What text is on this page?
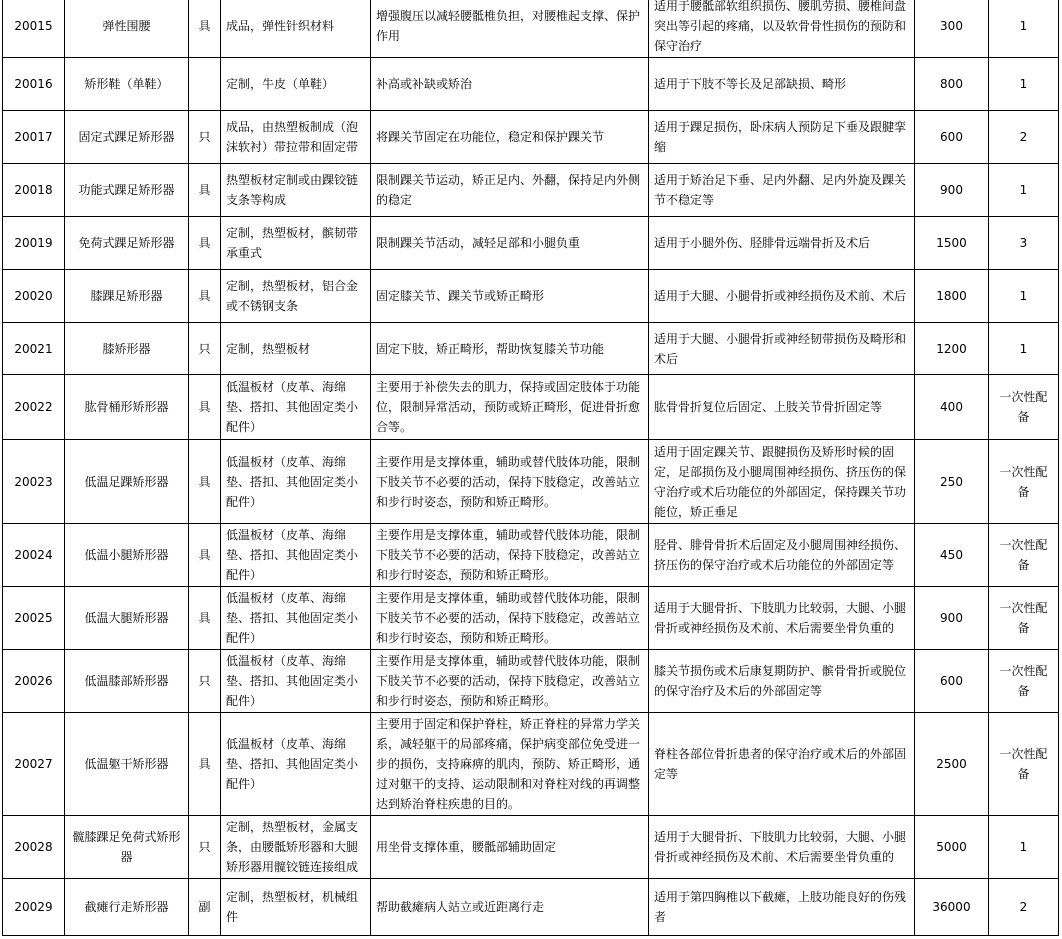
20015	弹性围腰	具	成品，弹性针织材料	增强腹压以减轻腰骶椎负担，对腰椎起支撑、保护作用	适用于腰骶部软组织损伤、腰肌劳损、腰椎间盘突出等引起的疼痛，以及软骨骨性损伤的预防和保守治疗	300	1
20016	矫形鞋（单鞋）		定制，牛皮（单鞋）	补高或补缺或矫治	适用于下肢不等长及足部缺损、畸形	800	1
20017	固定式踝足矫形器	只	成品，由热塑板制成（泡沫软衬）带拉带和固定带	将踝关节固定在功能位，稳定和保护踝关节	适用于踝足损伤，卧床病人预防足下垂及跟腱挛缩	600	2
20018	功能式踝足矫形器	具	热塑板材定制或由踝铰链支条等构成	限制踝关节运动，矫正足内、外翻，保持足内外侧的稳定	适用于矫治足下垂、足内外翻、足内外旋及踝关节不稳定等	900	1
20019	免荷式踝足矫形器	具	定制，热塑板材，髌韧带承重式	限制踝关节活动，减轻足部和小腿负重	适用于小腿外伤、胫腓骨远端骨折及术后	1500	3
20020	膝踝足矫形器	具	定制，热塑板材，铝合金或不锈钢支条	固定膝关节、踝关节或矫正畸形	适用于大腿、小腿骨折或神经损伤及术前、术后	1800	1
20021	膝矫形器	只	定制，热塑板材	固定下肢，矫正畸形，帮助恢复膝关节功能	适用于大腿、小腿骨折或神经韧带损伤及畸形和术后	1200	1
20022	肱骨桶形矫形器	具	低温板材（皮革、海绵垫、搭扣、其他固定类小配件）	主要用于补偿失去的肌力，保持或固定肢体于功能位，限制异常活动，预防或矫正畸形，促进骨折愈合等。	肱骨骨折复位后固定、上肢关节骨折固定等	400	一次性配备
20023	低温足踝矫形器	具	低温板材（皮革、海绵垫、搭扣、其他固定类小配件）	主要作用是支撑体重，辅助或替代肢体功能，限制下肢关节不必要的活动，保持下肢稳定，改善站立和步行时姿态，预防和矫正畸形。	适用于固定踝关节、跟腱损伤及矫形时候的固定，足部损伤及小腿周围神经损伤、挤压伤的保守治疗或术后功能位的外部固定，保持踝关节功能位，矫正垂足	250	一次性配备
20024	低温小腿矫形器	具	低温板材（皮革、海绵垫、搭扣、其他固定类小配件）	主要作用是支撑体重，辅助或替代肢体功能，限制下肢关节不必要的活动，保持下肢稳定，改善站立和步行时姿态，预防和矫正畸形。	胫骨、腓骨骨折术后固定及小腿周围神经损伤、挤压伤的保守治疗或术后功能位的外部固定等	450	一次性配备
20025	低温大腿矫形器	具	低温板材（皮革、海绵垫、搭扣、其他固定类小配件）	主要作用是支撑体重，辅助或替代肢体功能，限制下肢关节不必要的活动，保持下肢稳定，改善站立和步行时姿态，预防和矫正畸形。	适用于大腿骨折、下肢肌力比较弱，大腿、小腿骨折或神经损伤及术前、术后需要坐骨负重的	900	一次性配备
20026	低温膝部矫形器	只	低温板材（皮革、海绵垫、搭扣、其他固定类小配件）	主要作用是支撑体重，辅助或替代肢体功能，限制下肢关节不必要的活动，保持下肢稳定，改善站立和步行时姿态，预防和矫正畸形。	膝关节损伤或术后康复期防护、髌骨骨折或脱位的保守治疗及术后的外部固定等	600	一次性配备
20027	低温躯干矫形器	具	低温板材（皮革、海绵垫、搭扣、其他固定类小配件）	主要用于固定和保护脊柱，矫正脊柱的异常力学关系，减轻躯干的局部疼痛，保护病变部位免受进一步的损伤，支持麻痹的肌肉，预防、矫正畸形，通过对躯干的支持、运动限制和对脊柱对线的再调整达到矫治脊柱疾患的目的。	脊柱各部位骨折患者的保守治疗或术后的外部固定等	2500	一次性配备
20028	髋膝踝足免荷式矫形器	只	定制，热塑板材，金属支条，由腰骶矫形器和大腿矫形器用髋铰链连接组成	用坐骨支撑体重，腰骶部辅助固定	适用于大腿骨折、下肢肌力比较弱，大腿、小腿骨折或神经损伤及术前、术后需要坐骨负重的	5000	1
20029	截瘫行走矫形器	副	定制，热塑板材，机械组件	帮助截瘫病人站立或近距离行走	适用于第四胸椎以下截瘫，上肢功能良好的伤残者	36000	2
